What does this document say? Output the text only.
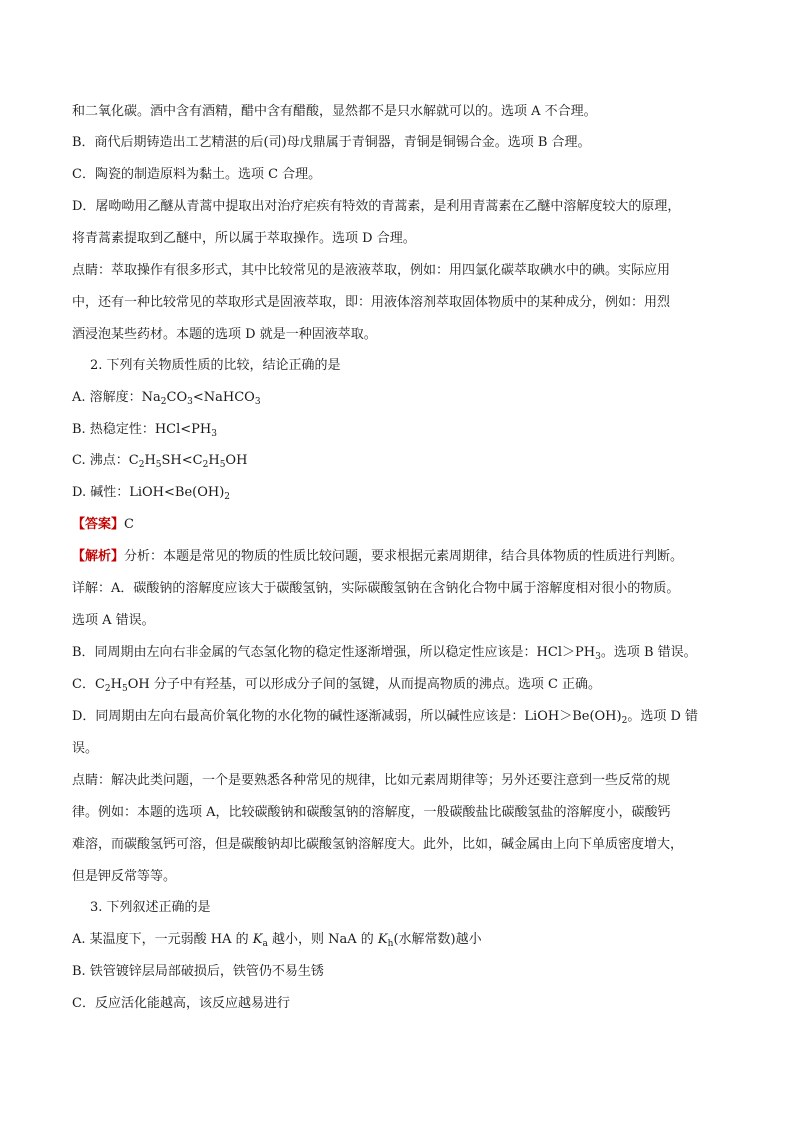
和二氧化碳。酒中含有酒精，醋中含有醋酸，显然都不是只水解就可以的。选项 A 不合理。
B．商代后期铸造出工艺精湛的后(司)母戊鼎属于青铜器，青铜是铜锡合金。选项 B 合理。
C．陶瓷的制造原料为黏土。选项 C 合理。
D．屠呦呦用乙醚从青蒿中提取出对治疗疟疾有特效的青蒿素，是利用青蒿素在乙醚中溶解度较大的原理，
将青蒿素提取到乙醚中，所以属于萃取操作。选项 D 合理。
点睛：萃取操作有很多形式，其中比较常见的是液液萃取，例如：用四氯化碳萃取碘水中的碘。实际应用
中，还有一种比较常见的萃取形式是固液萃取，即：用液体溶剂萃取固体物质中的某种成分，例如：用烈
酒浸泡某些药材。本题的选项 D 就是一种固液萃取。
2. 下列有关物质性质的比较，结论正确的是
A. 溶解度：$Na_2CO_3<NaHCO_3$
B. 热稳定性：$HCl<PH_3$
C. 沸点：$C_2H_5SH<C_2H_5OH$
D. 碱性：$LiOH<Be(OH)_2$
【答案】C
【解析】分析：本题是常见的物质的性质比较问题，要求根据元素周期律，结合具体物质的性质进行判断。
详解：A．碳酸钠的溶解度应该大于碳酸氢钠，实际碳酸氢钠在含钠化合物中属于溶解度相对很小的物质。
选项 A 错误。
B．同周期由左向右非金属的气态氢化物的稳定性逐渐增强，所以稳定性应该是：$HCl>PH_3$。选项 B 错误。
C．$C_2H_5OH$ 分子中有羟基，可以形成分子间的氢键，从而提高物质的沸点。选项 C 正确。
D．同周期由左向右最高价氧化物的水化物的碱性逐渐减弱，所以碱性应该是：$LiOH>Be(OH)_2$。选项 D 错
误。
点睛：解决此类问题，一个是要熟悉各种常见的规律，比如元素周期律等；另外还要注意到一些反常的规
律。例如：本题的选项 A，比较碳酸钠和碳酸氢钠的溶解度，一般碳酸盐比碳酸氢盐的溶解度小，碳酸钙
难溶，而碳酸氢钙可溶，但是碳酸钠却比碳酸氢钠溶解度大。此外，比如，碱金属由上向下单质密度增大，
但是钾反常等等。
3. 下列叙述正确的是
A. 某温度下，一元弱酸 HA 的 $K_a$ 越小，则 NaA 的 $K_h$(水解常数)越小
B. 铁管镀锌层局部破损后，铁管仍不易生锈
C．反应活化能越高，该反应越易进行
